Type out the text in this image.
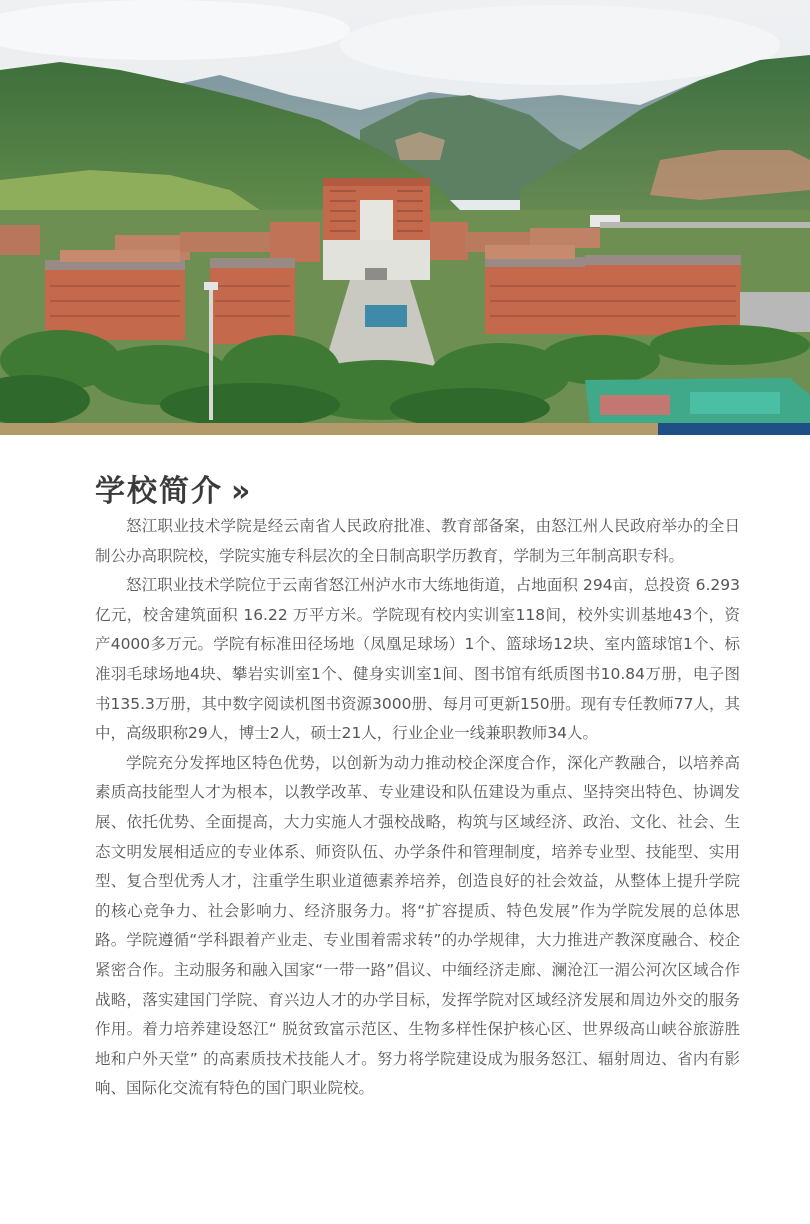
学校简介 »

怒江职业技术学院是经云南省人民政府批准、教育部备案，由怒江州人民政府举办的全日制公办高职院校，学院实施专科层次的全日制高职学历教育，学制为三年制高职专科。

怒江职业技术学院位于云南省怒江州泸水市大练地街道，占地面积 294亩，总投资 6.293 亿元，校舍建筑面积 16.22 万平方米。学院现有校内实训室118间，校外实训基地43个，资产4000多万元。学院有标准田径场地（凤凰足球场）1个、篮球场12块、室内篮球馆1个、标准羽毛球场地4块、攀岩实训室1个、健身实训室1间、图书馆有纸质图书10.84万册，电子图书135.3万册，其中数字阅读机图书资源3000册、每月可更新150册。现有专任教师77人，其中，高级职称29人，博士2人，硕士21人，行业企业一线兼职教师34人。

学院充分发挥地区特色优势，以创新为动力推动校企深度合作，深化产教融合，以培养高素质高技能型人才为根本，以教学改革、专业建设和队伍建设为重点、坚持突出特色、协调发展、依托优势、全面提高，大力实施人才强校战略，构筑与区域经济、政治、文化、社会、生态文明发展相适应的专业体系、师资队伍、办学条件和管理制度，培养专业型、技能型、实用型、复合型优秀人才，注重学生职业道德素养培养，创造良好的社会效益，从整体上提升学院的核心竞争力、社会影响力、经济服务力。将“扩容提质、特色发展”作为学院发展的总体思路。学院遵循“学科跟着产业走、专业围着需求转”的办学规律，大力推进产教深度融合、校企紧密合作。主动服务和融入国家“一带一路”倡议、中缅经济走廊、澜沧江一湄公河次区域合作战略，落实建国门学院、育兴边人才的办学目标，发挥学院对区域经济发展和周边外交的服务作用。着力培养建设怒江“ 脱贫致富示范区、生物多样性保护核心区、世界级高山峡谷旅游胜地和户外天堂” 的高素质技术技能人才。努力将学院建设成为服务怒江、辐射周边、省内有影响、国际化交流有特色的国门职业院校。
